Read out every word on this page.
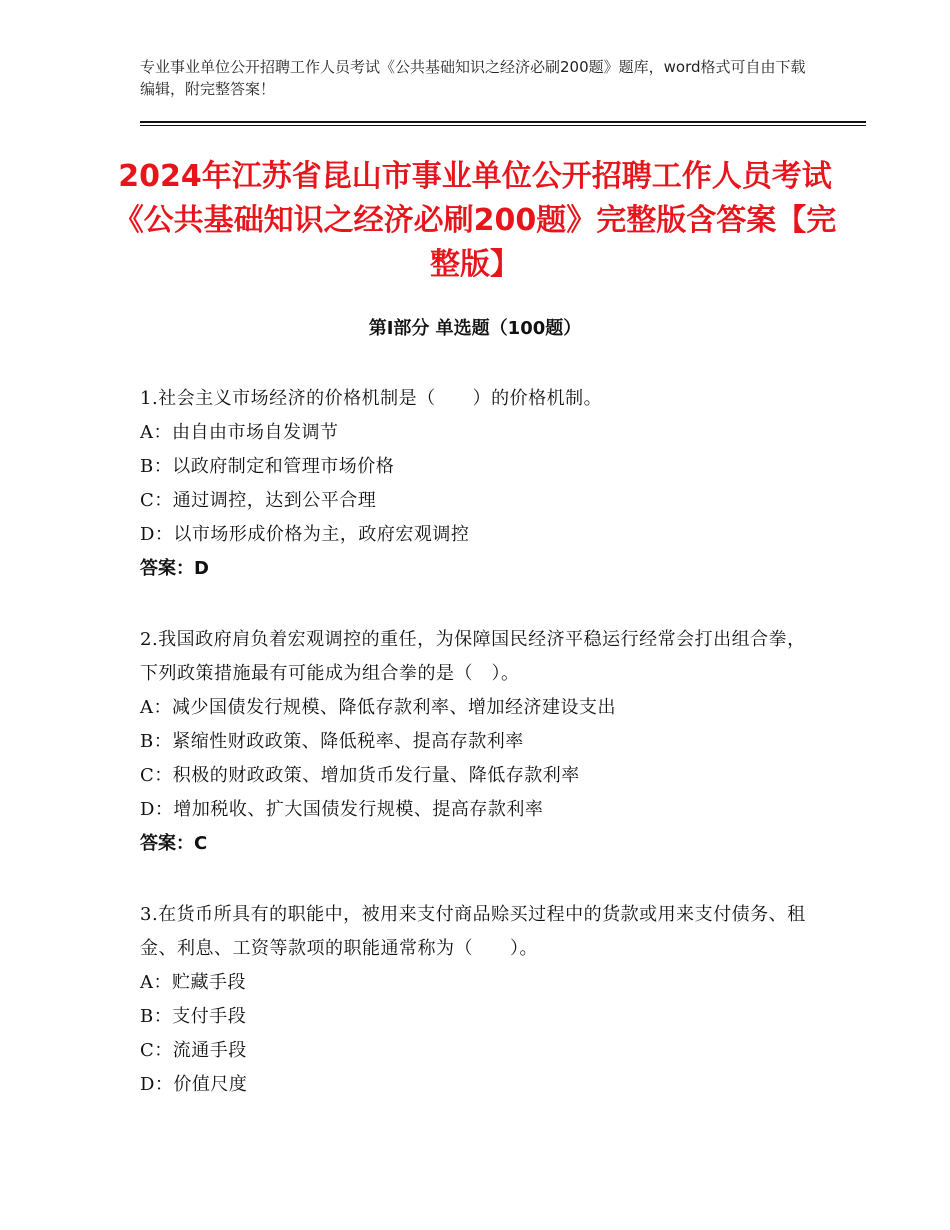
专业事业单位公开招聘工作人员考试《公共基础知识之经济必刷200题》题库，word格式可自由下载编辑，附完整答案！
2024年江苏省昆山市事业单位公开招聘工作人员考试《公共基础知识之经济必刷200题》完整版含答案【完整版】
第Ⅰ部分 单选题（100题）
1.社会主义市场经济的价格机制是（　　）的价格机制。
A：由自由市场自发调节
B：以政府制定和管理市场价格
C：通过调控，达到公平合理
D：以市场形成价格为主，政府宏观调控
答案：D
2.我国政府肩负着宏观调控的重任，为保障国民经济平稳运行经常会打出组合拳，下列政策措施最有可能成为组合拳的是（　）。
A：减少国债发行规模、降低存款利率、增加经济建设支出
B：紧缩性财政政策、降低税率、提高存款利率
C：积极的财政政策、增加货币发行量、降低存款利率
D：增加税收、扩大国债发行规模、提高存款利率
答案：C
3.在货币所具有的职能中，被用来支付商品赊买过程中的货款或用来支付债务、租金、利息、工资等款项的职能通常称为（　　）。
A：贮藏手段
B：支付手段
C：流通手段
D：价值尺度
